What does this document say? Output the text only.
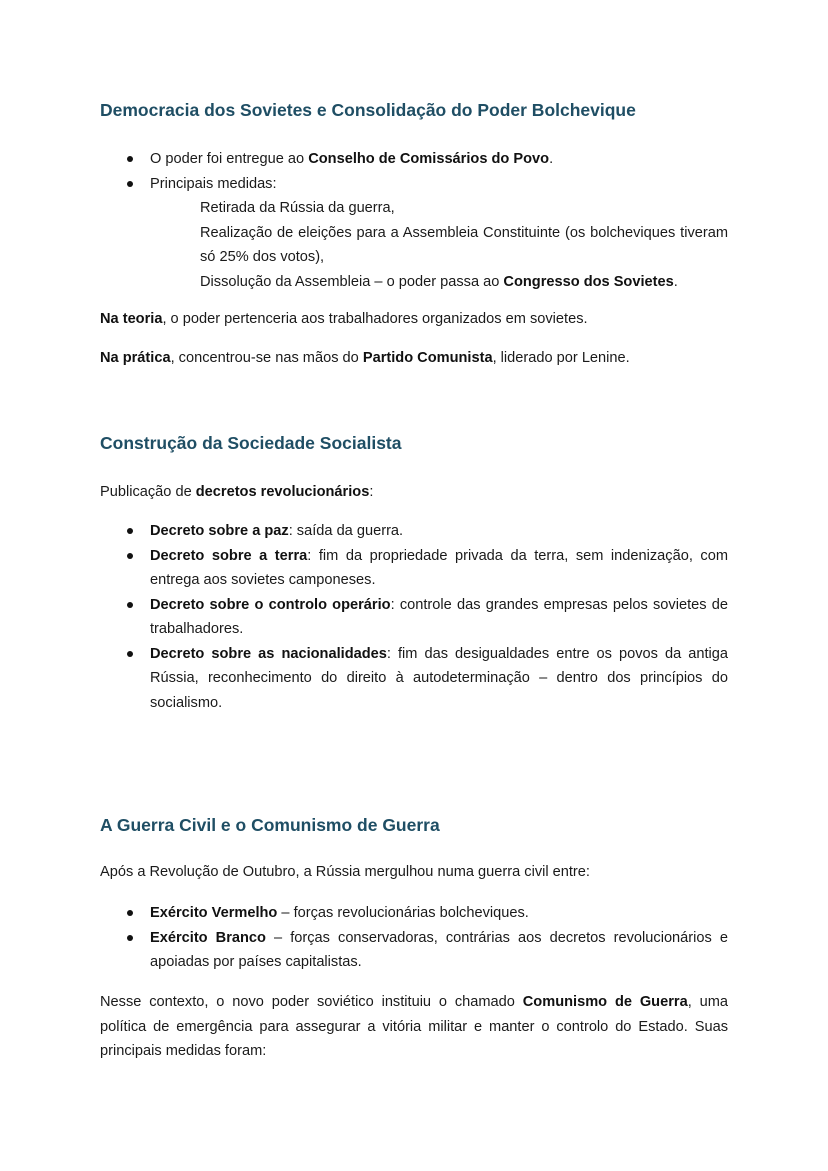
Democracia dos Sovietes e Consolidação do Poder Bolchevique
O poder foi entregue ao Conselho de Comissários do Povo.
Principais medidas:
Retirada da Rússia da guerra,
Realização de eleições para a Assembleia Constituinte (os bolcheviques tiveram só 25% dos votos),
Dissolução da Assembleia – o poder passa ao Congresso dos Sovietes.

Na teoria, o poder pertenceria aos trabalhadores organizados em sovietes.

Na prática, concentrou-se nas mãos do Partido Comunista, liderado por Lenine.

Construção da Sociedade Socialista

Publicação de decretos revolucionários:

Decreto sobre a paz: saída da guerra.
Decreto sobre a terra: fim da propriedade privada da terra, sem indenização, com entrega aos sovietes camponeses.
Decreto sobre o controlo operário: controle das grandes empresas pelos sovietes de trabalhadores.
Decreto sobre as nacionalidades: fim das desigualdades entre os povos da antiga Rússia, reconhecimento do direito à autodeterminação – dentro dos princípios do socialismo.
A Guerra Civil e o Comunismo de Guerra

Após a Revolução de Outubro, a Rússia mergulhou numa guerra civil entre:

Exército Vermelho – forças revolucionárias bolcheviques.
Exército Branco – forças conservadoras, contrárias aos decretos revolucionários e apoiadas por países capitalistas.

Nesse contexto, o novo poder soviético instituiu o chamado Comunismo de Guerra, uma política de emergência para assegurar a vitória militar e manter o controlo do Estado. Suas principais medidas foram:
